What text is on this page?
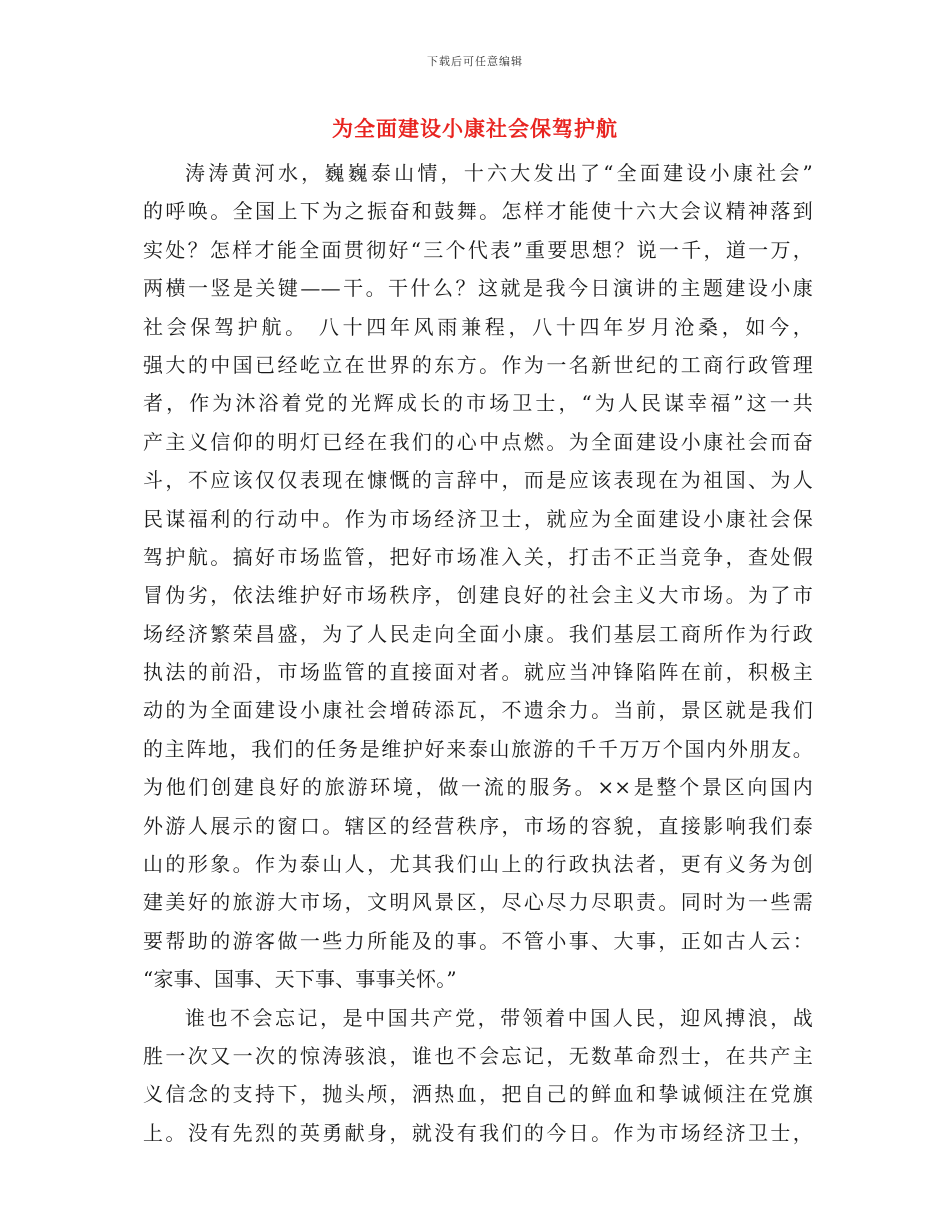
下载后可任意编辑
为全面建设小康社会保驾护航
涛涛黄河水，巍巍泰山情，十六大发出了“全面建设小康社会”
的呼唤。全国上下为之振奋和鼓舞。怎样才能使十六大会议精神落到
实处？怎样才能全面贯彻好“三个代表”重要思想？说一千，道一万，
两横一竖是关键——干。干什么？这就是我今日演讲的主题建设小康
社会保驾护航。 八十四年风雨兼程，八十四年岁月沧桑，如今，
强大的中国已经屹立在世界的东方。作为一名新世纪的工商行政管理
者，作为沐浴着党的光辉成长的市场卫士，“为人民谋幸福”这一共
产主义信仰的明灯已经在我们的心中点燃。为全面建设小康社会而奋
斗，不应该仅仅表现在慷慨的言辞中，而是应该表现在为祖国、为人
民谋福利的行动中。作为市场经济卫士，就应为全面建设小康社会保
驾护航。搞好市场监管，把好市场准入关，打击不正当竞争，查处假
冒伪劣，依法维护好市场秩序，创建良好的社会主义大市场。为了市
场经济繁荣昌盛，为了人民走向全面小康。我们基层工商所作为行政
执法的前沿，市场监管的直接面对者。就应当冲锋陷阵在前，积极主
动的为全面建设小康社会增砖添瓦，不遗余力。当前，景区就是我们
的主阵地，我们的任务是维护好来泰山旅游的千千万万个国内外朋友。
为他们创建良好的旅游环境，做一流的服务。××是整个景区向国内
外游人展示的窗口。辖区的经营秩序，市场的容貌，直接影响我们泰
山的形象。作为泰山人，尤其我们山上的行政执法者，更有义务为创
建美好的旅游大市场，文明风景区，尽心尽力尽职责。同时为一些需
要帮助的游客做一些力所能及的事。不管小事、大事，正如古人云：
“家事、国事、天下事、事事关怀。”
谁也不会忘记，是中国共产党，带领着中国人民，迎风搏浪，战
胜一次又一次的惊涛骇浪，谁也不会忘记，无数革命烈士，在共产主
义信念的支持下，抛头颅，洒热血，把自己的鲜血和挚诚倾注在党旗
上。没有先烈的英勇献身，就没有我们的今日。作为市场经济卫士，
